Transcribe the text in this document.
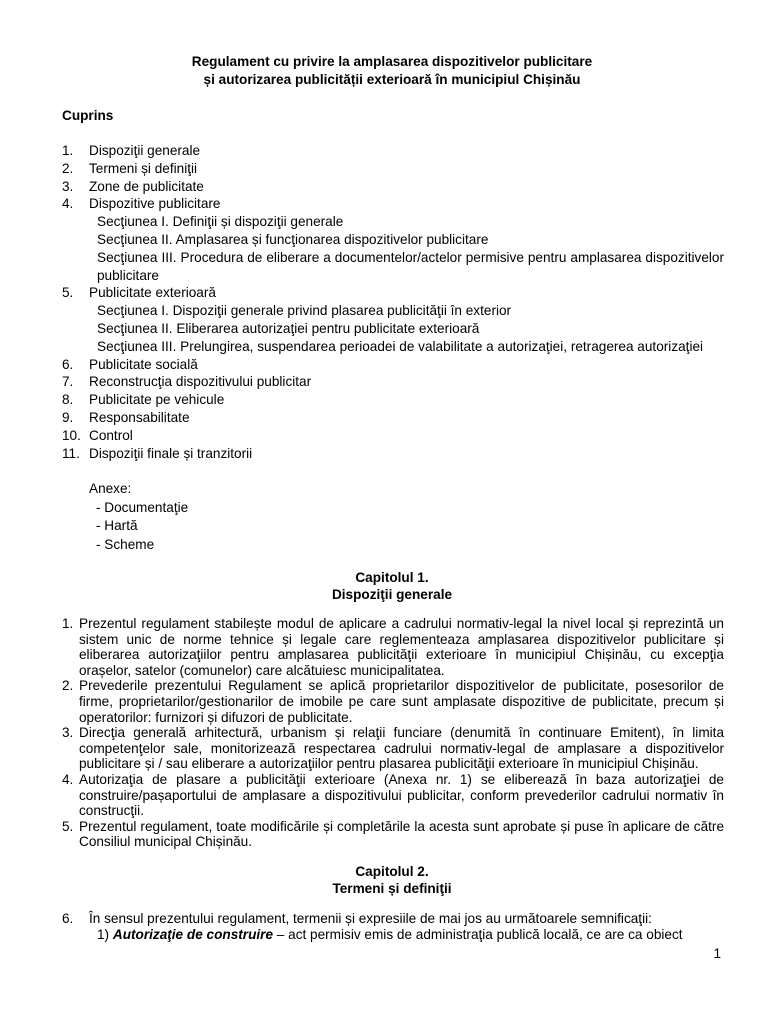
Regulament cu privire la amplasarea dispozitivelor publicitare
și autorizarea publicității exterioară în municipiul Chișinău
Cuprins
1.	Dispoziţii generale
2.	Termeni și definiţii
3.	Zone de publicitate
4.	Dispozitive publicitare
Secţiunea I. Definiţii și dispoziţii generale
Secţiunea II. Amplasarea și funcţionarea dispozitivelor publicitare
Secţiunea III. Procedura de eliberare a documentelor/actelor permisive pentru amplasarea dispozitivelor publicitare
5.	Publicitate exterioară
Secţiunea I. Dispoziţii generale privind plasarea publicităţii în exterior
Secţiunea II. Eliberarea autorizaţiei pentru publicitate exterioară
Secţiunea III. Prelungirea, suspendarea perioadei de valabilitate a autorizaţiei, retragerea autorizaţiei
6.	Publicitate socială
7.	Reconstrucţia dispozitivului publicitar
8.	Publicitate pe vehicule
9.	Responsabilitate
10. Control
11. Dispoziţii finale și tranzitorii
Anexe:
- Documentaţie
- Hartă
- Scheme
Capitolul 1.
Dispoziţii generale
1. Prezentul regulament stabilește modul de aplicare a cadrului normativ-legal la nivel local și reprezintă un sistem unic de norme tehnice și legale care reglementeaza amplasarea dispozitivelor publicitare și eliberarea autorizaţiilor pentru amplasarea publicităţii exterioare în municipiul Chișinău, cu excepţia orașelor, satelor (comunelor) care alcătuiesc municipalitatea.
2. Prevederile prezentului Regulament se aplică proprietarilor dispozitivelor de publicitate, posesorilor de firme, proprietarilor/gestionarilor de imobile pe care sunt amplasate dispozitive de publicitate, precum și operatorilor: furnizori și difuzori de publicitate.
3. Direcţia generală arhitectură, urbanism și relaţii funciare (denumită în continuare Emitent), în limita competenţelor sale, monitorizează respectarea cadrului normativ-legal de amplasare a dispozitivelor publicitare și / sau eliberare a autorizaţiilor pentru plasarea publicităţii exterioare în municipiul Chișinău.
4. Autorizaţia de plasare a publicităţii exterioare (Anexa nr. 1) se eliberează în baza autorizaţiei de construire/pașaportului de amplasare a dispozitivului publicitar, conform prevederilor cadrului normativ în construcţii.
5. Prezentul regulament, toate modificările și completările la acesta sunt aprobate și puse în aplicare de către Consiliul municipal Chișinău.
Capitolul 2.
Termeni și definiţii
6.	În sensul prezentului regulament, termenii și expresiile de mai jos au următoarele semnificaţii:
1) Autorizaţie de construire – act permisiv emis de administraţia publică locală, ce are ca obiect
1
